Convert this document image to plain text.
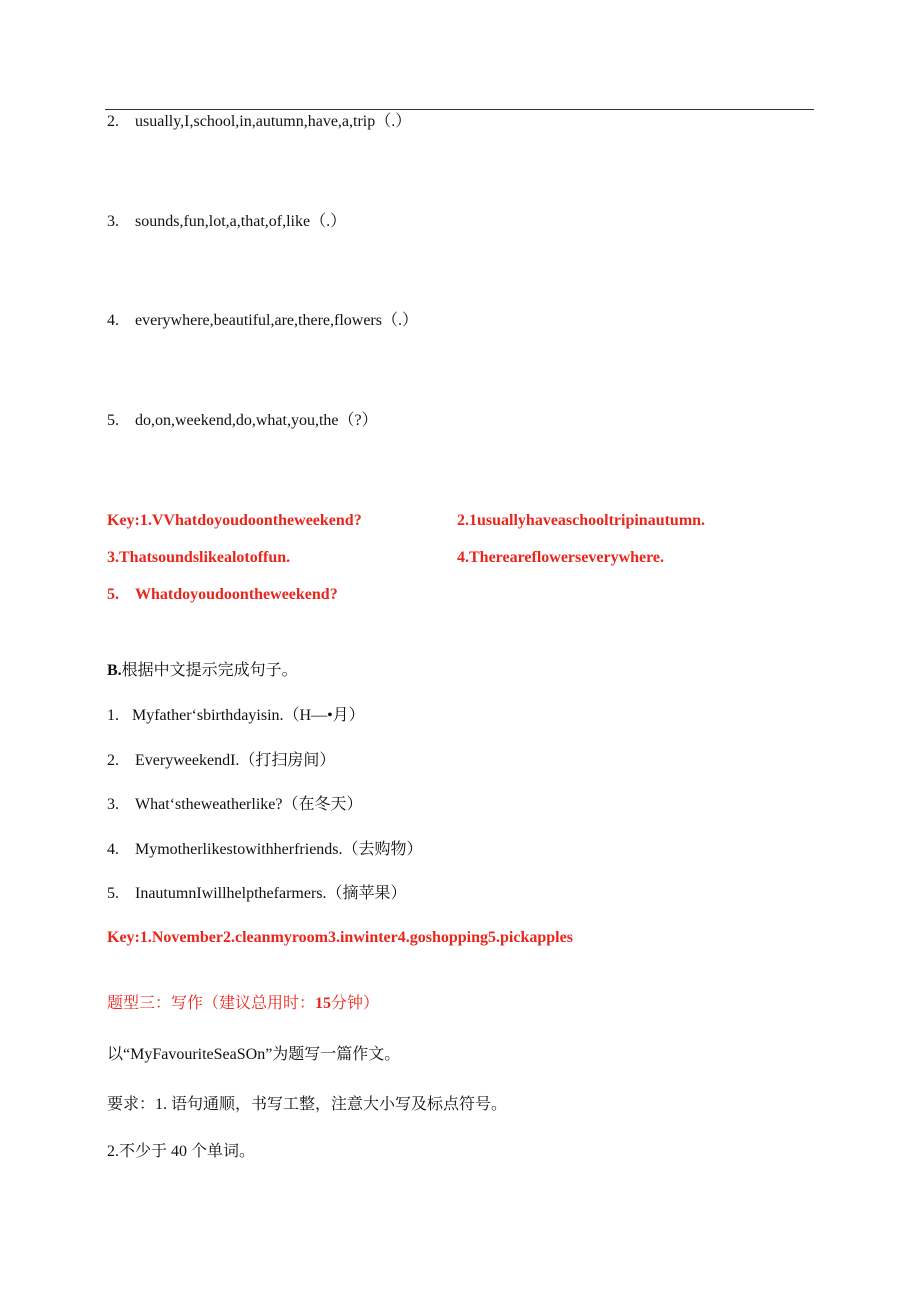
2. usually,I,school,in,autumn,have,a,trip（.）
3. sounds,fun,lot,a,that,of,like（.）
4. everywhere,beautiful,are,there,flowers（.）
5. do,on,weekend,do,what,you,the（?）
Key:1.VVhatdoyoudoontheweekend?	2.1usuallyhaveaschooltripinautumn.
3.Thatsoundslikealotoffun.	4.Thereareflowerseverywhere.
5. Whatdoyoudoontheweekend?
B.根据中文提示完成句子。
1. Myfather‘sbirthdayisin.（H—•月）
2. EveryweekendI.（打扫房间）
3. What‘stheweatherlike?（在冬天）
4. Mymotherlikestowithherfriends.（去购物）
5. InautumnIwillhelpthefarmers.（摘苹果）
Key:1.November2.cleanmyroom3.inwinter4.goshopping5.pickapples
题型三：写作（建议总用时：15分钟）
以“MyFavouriteSeaSOn”为题写一篇作文。
要求：1. 语句通顺，书写工整，注意大小写及标点符号。
2.不少于 40 个单词。
